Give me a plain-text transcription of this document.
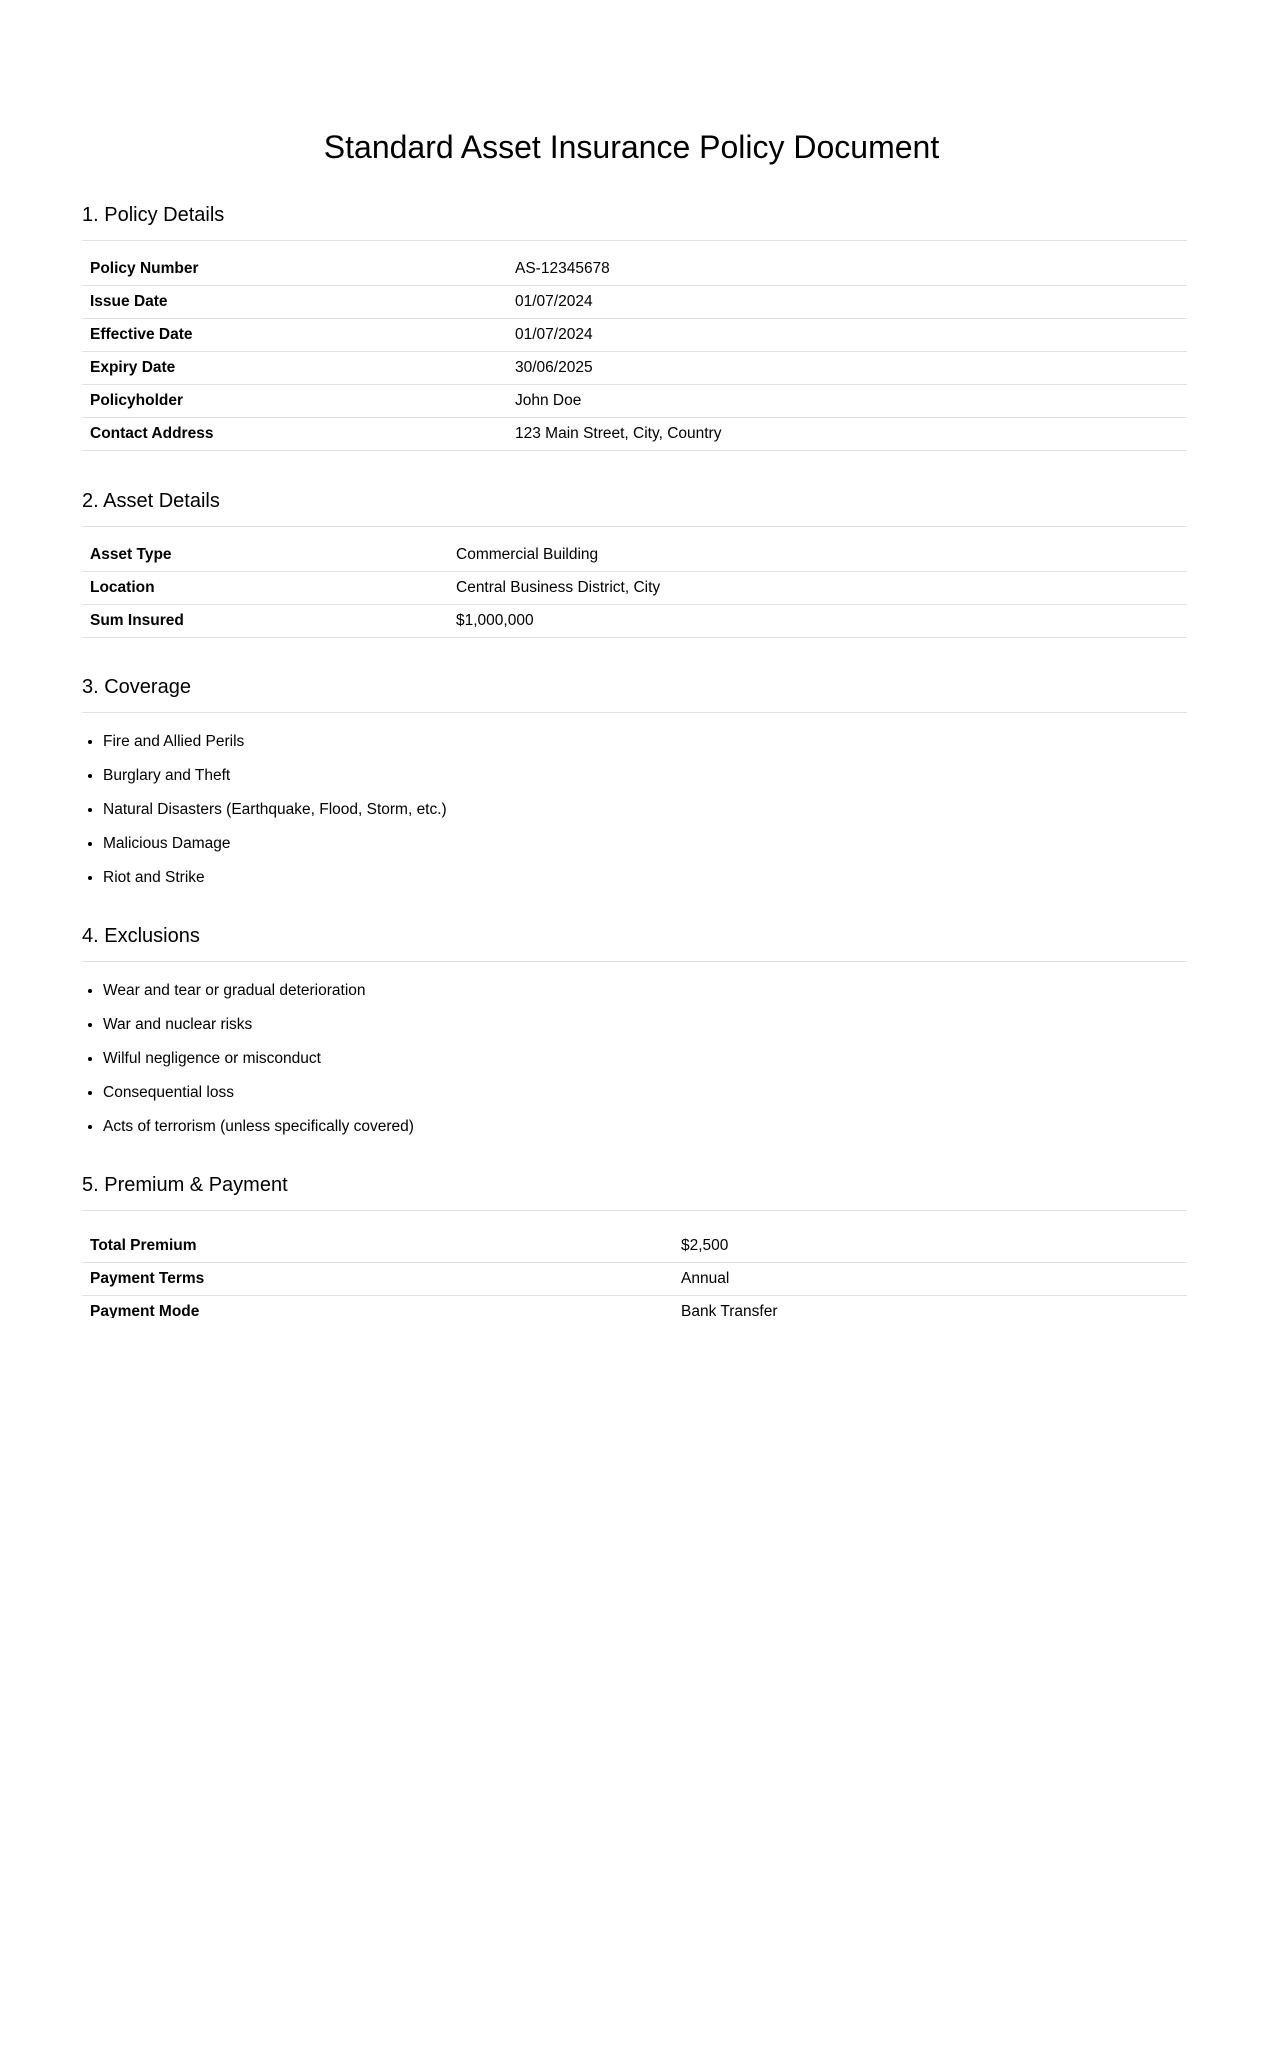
Standard Asset Insurance Policy Document
1. Policy Details
Policy Number	AS-12345678
Issue Date	01/07/2024
Effective Date	01/07/2024
Expiry Date	30/06/2025
Policyholder	John Doe
Contact Address	123 Main Street, City, Country
2. Asset Details
Asset Type	Commercial Building
Location	Central Business District, City
Sum Insured	$1,000,000
3. Coverage
• Fire and Allied Perils
• Burglary and Theft
• Natural Disasters (Earthquake, Flood, Storm, etc.)
• Malicious Damage
• Riot and Strike
4. Exclusions
• Wear and tear or gradual deterioration
• War and nuclear risks
• Wilful negligence or misconduct
• Consequential loss
• Acts of terrorism (unless specifically covered)
5. Premium & Payment
Total Premium	$2,500
Payment Terms	Annual
Payment Mode	Bank Transfer
